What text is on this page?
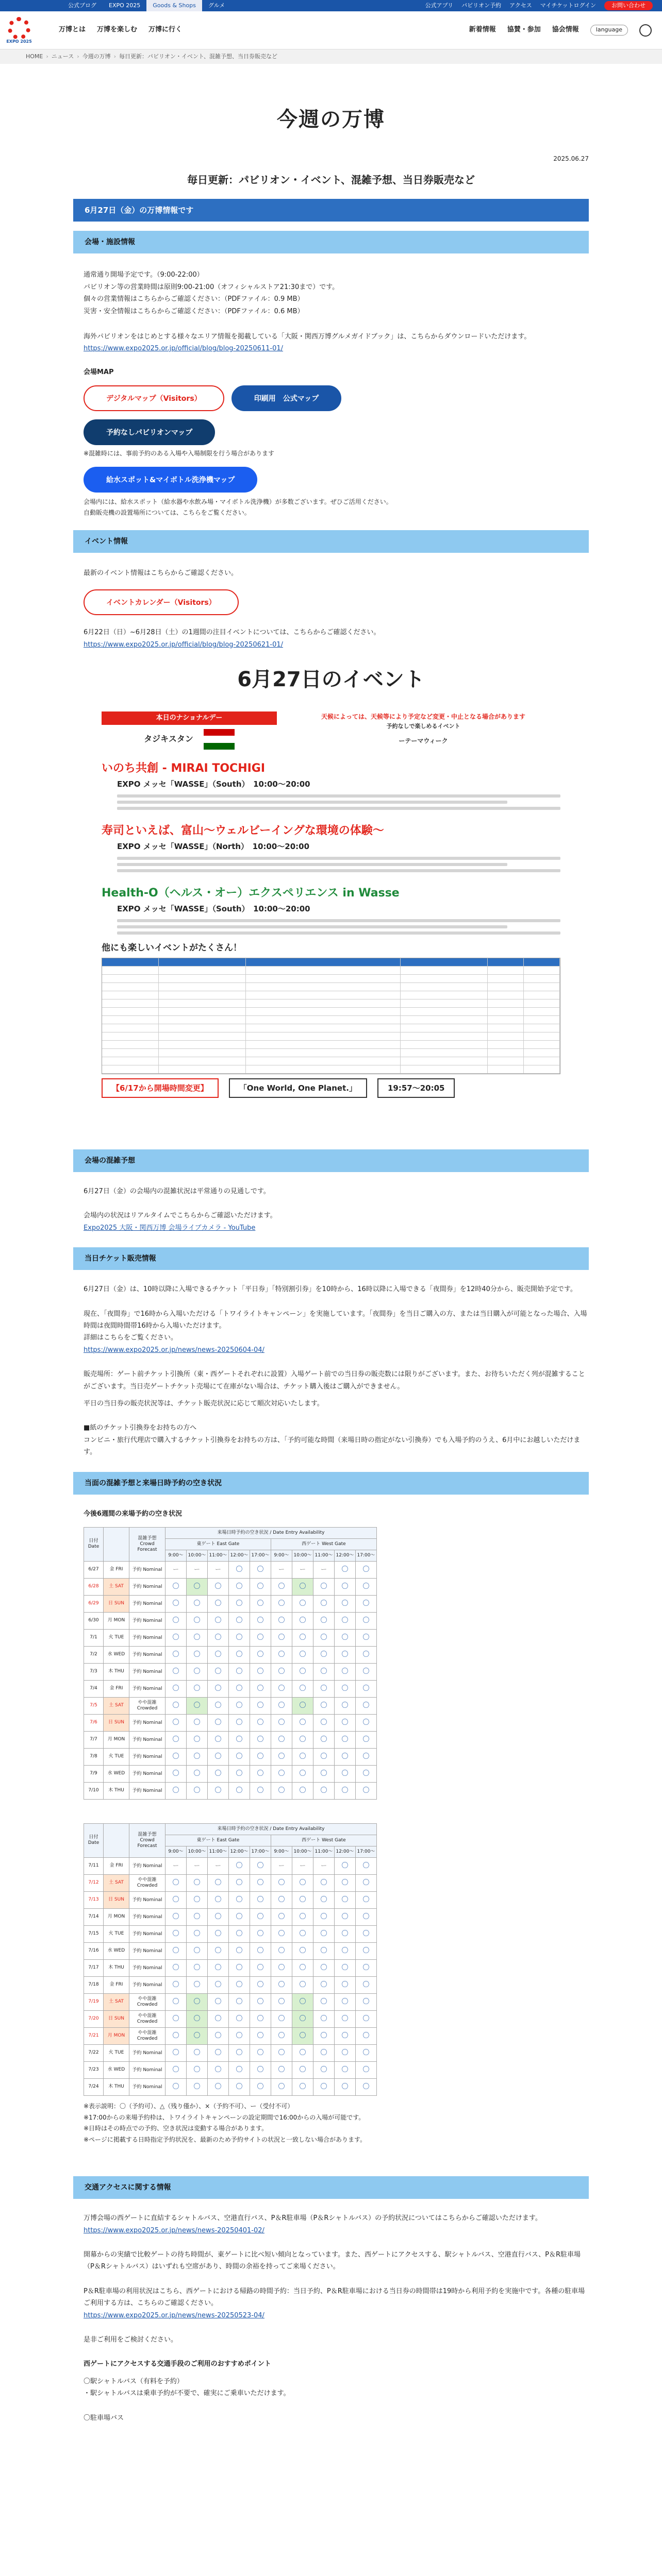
公式ブログ	EXPO 2025	Goods & Shops	グルメ	公式アプリ パビリオン予約 アクセス マイチケットログイン	お問い合わせ
EXPO 2025
万博とは 万博を楽しむ 万博に行く	新着情報 協賛・参加 協会情報	language
HOME › ニュース › 今週の万博 › 毎日更新：パビリオン・イベント、混雑予想、当日券販売など
今週の万博
2025.06.27
毎日更新：パビリオン・イベント、混雑予想、当日券販売など
6月27日（金）の万博情報です
会場・施設情報

通常通り開場予定です。（9:00-22:00）

パビリオン等の営業時間は原則9:00-21:00（オフィシャルストア21:30まで）です。

個々の営業情報はこちらからご確認ください：（PDFファイル：0.9 MB）

災害・安全情報はこちらからご確認ください：（PDFファイル：0.6 MB）

海外パビリオンをはじめとする様々なエリア情報を掲載している「大阪・関西万博グルメガイドブック」は、こちらからダウンロードいただけます。

https://www.expo2025.or.jp/official/blog/blog-20250611-01/

会場MAP

デジタルマップ（Visitors）	印刷用　公式マップ
予約なしパビリオンマップ

※混雑時には、事前予約のある入場や入場制限を行う場合があります

給水スポット&マイボトル洗浄機マップ

会場内には、給水スポット（給水器や水飲み場・マイボトル洗浄機）が多数ございます。ぜひご活用ください。

自動販売機の設置場所については、こちらをご覧ください。

イベント情報

最新のイベント情報はこちらからご確認ください。

イベントカレンダー（Visitors）

6月22日（日）~6月28日（土）の1週間の注目イベントについては、こちらからご確認ください。

https://www.expo2025.or.jp/official/blog/blog-20250621-01/

6月27日のイベント
本日のナショナルデー
タジキスタン
天候によっては、天候等により予定など変更・中止となる場合があります
予約なしで楽しめるイベント
ーテーマウィーク
いのち共創 - MIRAI TOCHIGI
EXPO メッセ「WASSE」（South）　 10:00～20:00
寿司といえば、富山～ウェルビーイングな環境の体験～
EXPO メッセ「WASSE」（North）　 10:00～20:00
Health-O（ヘルス・オー）エクスペリエンス in Wasse
EXPO メッセ「WASSE」（South）　 10:00～20:00
他にも楽しいイベントがたくさん！
【6/17から開場時間変更】	「One World, One Planet.」	19:57～20:05
会場の混雑予想

6月27日（金）の会場内の混雑状況は平常通りの見通しです。

会場内の状況はリアルタイムでこちらからご確認いただけます。

Expo2025 大阪・関西万博 会場ライブカメラ - YouTube

当日チケット販売情報

6月27日（金）は、10時以降に入場できるチケット「平日券」「特別割引券」を10時から、16時以降に入場できる「夜間券」を12時40分から、販売開始予定です。

現在、「夜間券」で16時から入場いただける「トワイライトキャンペーン」を実施しています。「夜間券」を当日ご購入の方、または当日購入が可能となった場合、入場時間は夜間時間帯16時から入場いただけます。

詳細はこちらをご覧ください。

https://www.expo2025.or.jp/news/news-20250604-04/

販売場所：ゲート前チケット引換所（東・西ゲートそれぞれに設置）入場ゲート前での当日券の販売数には限りがございます。また、お待ちいただく列が混雑することがございます。当日売ゲートチケット売場にて在庫がない場合は、チケット購入後はご購入ができません。

平日の当日券の販売状況等は、チケット販売状況に応じて順次対応いたします。

■紙のチケット引換券をお持ちの方へ

コンビニ・旅行代理店で購入するチケット引換券をお持ちの方は、「予約可能な時間（来場日時の指定がない引換券）でも入場予約のうえ、6月中にお越しいただけます。

当面の混雑予想と来場日時予約の空き状況
今後6週間の来場予約の空き状況
日付 Date		混雑予想 Crowd Forecast	来場日時予約の空き状況 / Date Entry Availability									
			東ゲート East Gate					西ゲート West Gate				
			9:00～	10:00～	11:00～	12:00～	17:00～	9:00～	10:00～	11:00～	12:00～	17:00～
6/27	金 FRI	予約 Nominal	ー	ー	ー	〇	〇	ー	ー	ー	〇	〇
6/28	土 SAT	予約 Nominal	〇	〇	〇	〇	〇	〇	〇	〇	〇	〇
6/29	日 SUN	予約 Nominal	〇	〇	〇	〇	〇	〇	〇	〇	〇	〇
6/30	月 MON	予約 Nominal	〇	〇	〇	〇	〇	〇	〇	〇	〇	〇
7/1	火 TUE	予約 Nominal	〇	〇	〇	〇	〇	〇	〇	〇	〇	〇
7/2	水 WED	予約 Nominal	〇	〇	〇	〇	〇	〇	〇	〇	〇	〇
7/3	木 THU	予約 Nominal	〇	〇	〇	〇	〇	〇	〇	〇	〇	〇
7/4	金 FRI	予約 Nominal	〇	〇	〇	〇	〇	〇	〇	〇	〇	〇
7/5	土 SAT	やや混雑 Crowded	〇	〇	〇	〇	〇	〇	〇	〇	〇	〇
7/6	日 SUN	予約 Nominal	〇	〇	〇	〇	〇	〇	〇	〇	〇	〇
7/7	月 MON	予約 Nominal	〇	〇	〇	〇	〇	〇	〇	〇	〇	〇
7/8	火 TUE	予約 Nominal	〇	〇	〇	〇	〇	〇	〇	〇	〇	〇
7/9	水 WED	予約 Nominal	〇	〇	〇	〇	〇	〇	〇	〇	〇	〇
7/10	木 THU	予約 Nominal	〇	〇	〇	〇	〇	〇	〇	〇	〇	〇
日付 Date		混雑予想 Crowd Forecast	来場日時予約の空き状況 / Date Entry Availability									
			東ゲート East Gate					西ゲート West Gate				
			9:00～	10:00～	11:00～	12:00～	17:00～	9:00～	10:00～	11:00～	12:00～	17:00～
7/11	金 FRI	予約 Nominal	ー	ー	ー	〇	〇	ー	ー	ー	〇	〇
7/12	土 SAT	やや混雑 Crowded	〇	〇	〇	〇	〇	〇	〇	〇	〇	〇
7/13	日 SUN	予約 Nominal	〇	〇	〇	〇	〇	〇	〇	〇	〇	〇
7/14	月 MON	予約 Nominal	〇	〇	〇	〇	〇	〇	〇	〇	〇	〇
7/15	火 TUE	予約 Nominal	〇	〇	〇	〇	〇	〇	〇	〇	〇	〇
7/16	水 WED	予約 Nominal	〇	〇	〇	〇	〇	〇	〇	〇	〇	〇
7/17	木 THU	予約 Nominal	〇	〇	〇	〇	〇	〇	〇	〇	〇	〇
7/18	金 FRI	予約 Nominal	〇	〇	〇	〇	〇	〇	〇	〇	〇	〇
7/19	土 SAT	やや混雑 Crowded	〇	〇	〇	〇	〇	〇	〇	〇	〇	〇
7/20	日 SUN	やや混雑 Crowded	〇	〇	〇	〇	〇	〇	〇	〇	〇	〇
7/21	月 MON	やや混雑 Crowded	〇	〇	〇	〇	〇	〇	〇	〇	〇	〇
7/22	火 TUE	予約 Nominal	〇	〇	〇	〇	〇	〇	〇	〇	〇	〇
7/23	水 WED	予約 Nominal	〇	〇	〇	〇	〇	〇	〇	〇	〇	〇
7/24	木 THU	予約 Nominal	〇	〇	〇	〇	〇	〇	〇	〇	〇	〇

※表示説明：〇（予約可）、△（残り僅か）、×（予約不可）、ー（受付不可）

※17:00からの来場予約枠は、トワイライトキャンペーンの設定期間で16:00からの入場が可能です。

※日時はその時点での予約、空き状況は変動する場合があります。

※ページに掲載する日時指定予約状況を、最新のため予約サイトの状況と一致しない場合があります。

交通アクセスに関する情報

万博会場の西ゲートに直結するシャトルバス、空港直行バス、P＆R駐車場（P＆Rシャトルバス）の予約状況についてはこちらからご確認いただけます。

https://www.expo2025.or.jp/news/news-20250401-02/

開幕からの実績で比較ゲートの待ち時間が、東ゲートに比べ短い傾向となっています。また、西ゲートにアクセスする、駅シャトルバス、空港直行バス、P＆R駐車場（P＆Rシャトルバス）はいずれも空席があり、時間の余裕を持ってご来場ください。

P＆R駐車場の利用状況はこちら、西ゲートにおける帰路の時間予約：当日予約、P＆R駐車場における当日券の時間帯は19時から利用予約を実施中です。各種の駐車場ご利用する方は、こちらのご確認ください。

https://www.expo2025.or.jp/news/news-20250523-04/

是非ご利用をご検討ください。

西ゲートにアクセスする交通手段のご利用のおすすめポイント

〇駅シャトルバス（有料を予約）

・駅シャトルバスは乗車予約が不要で、確実にご乗車いただけます。

〇駐車場バス
